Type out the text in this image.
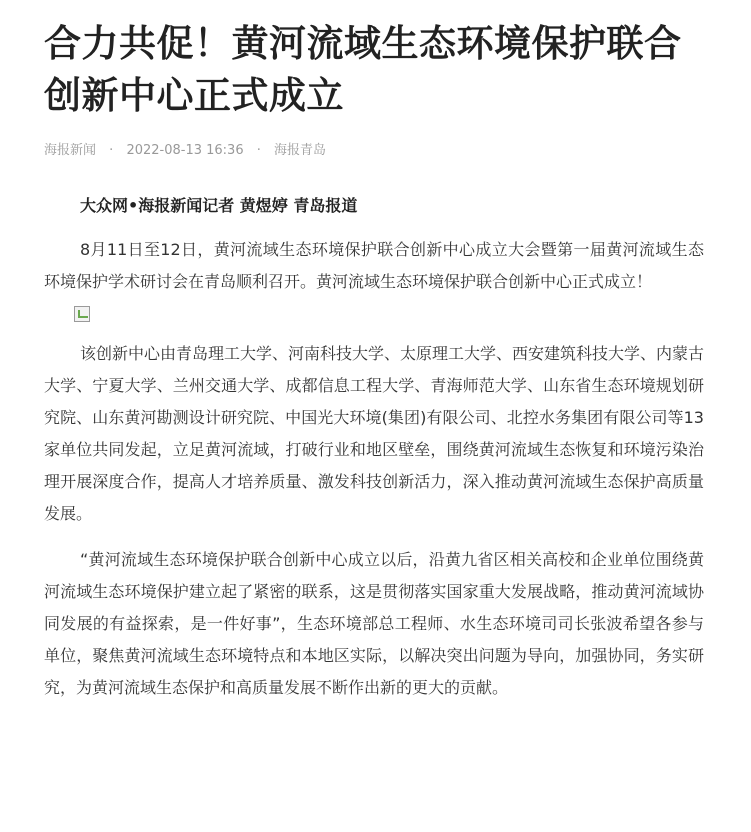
合力共促！黄河流域生态环境保护联合创新中心正式成立
海报新闻 · 2022-08-13 16:36 · 海报青岛

大众网•海报新闻记者 黄煜婷 青岛报道

8月11日至12日，黄河流域生态环境保护联合创新中心成立大会暨第一届黄河流域生态环境保护学术研讨会在青岛顺利召开。黄河流域生态环境保护联合创新中心正式成立！

该创新中心由青岛理工大学、河南科技大学、太原理工大学、西安建筑科技大学、内蒙古大学、宁夏大学、兰州交通大学、成都信息工程大学、青海师范大学、山东省生态环境规划研究院、山东黄河勘测设计研究院、中国光大环境(集团)有限公司、北控水务集团有限公司等13家单位共同发起，立足黄河流域，打破行业和地区壁垒，围绕黄河流域生态恢复和环境污染治理开展深度合作，提高人才培养质量、激发科技创新活力，深入推动黄河流域生态保护高质量发展。

“黄河流域生态环境保护联合创新中心成立以后，沿黄九省区相关高校和企业单位围绕黄河流域生态环境保护建立起了紧密的联系，这是贯彻落实国家重大发展战略，推动黄河流域协同发展的有益探索，是一件好事”，生态环境部总工程师、水生态环境司司长张波希望各参与单位，聚焦黄河流域生态环境特点和本地区实际，以解决突出问题为导向，加强协同，务实研究，为黄河流域生态保护和高质量发展不断作出新的更大的贡献。
